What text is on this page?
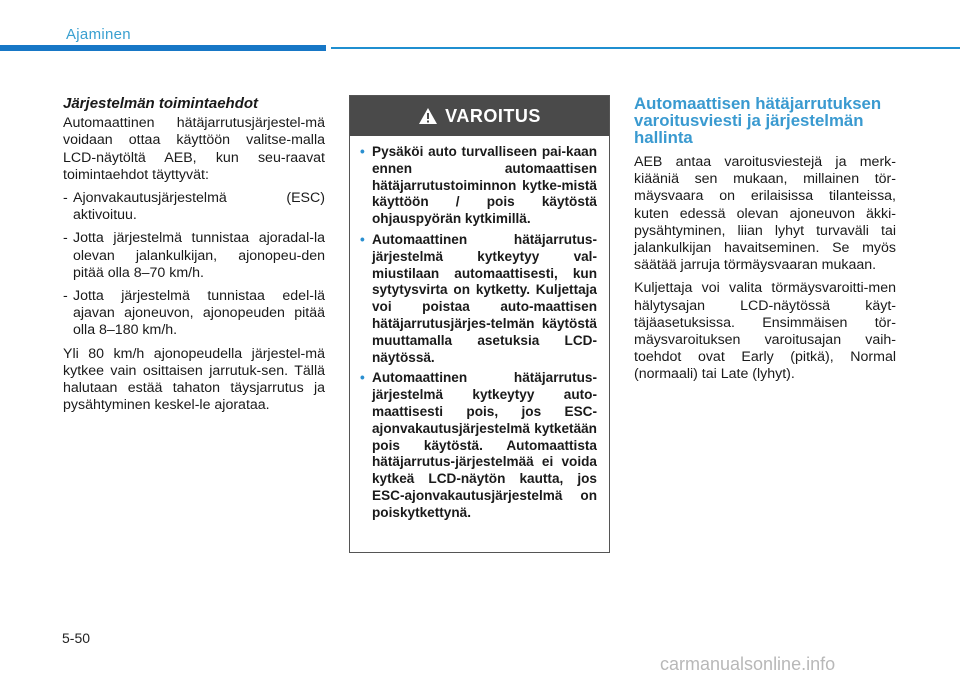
Ajaminen
Järjestelmän toimintaehdot

Automaattinen hätäjarrutusjärjestel-mä voidaan ottaa käyttöön valitse-malla LCD-näytöltä AEB, kun seu-raavat toimintaehdot täyttyvät:

- Ajonvakautusjärjestelmä (ESC) aktivoituu.
- Jotta järjestelmä tunnistaa ajoradal-la olevan jalankulkijan, ajonopeu-den pitää olla 8–70 km/h.
- Jotta järjestelmä tunnistaa edel-lä ajavan ajoneuvon, ajonopeuden pitää olla 8–180 km/h.

Yli 80 km/h ajonopeudella järjestel-mä kytkee vain osittaisen jarrutuk-sen. Tällä halutaan estää tahaton täysjarrutus ja pysähtyminen keskel-le ajorataa.

VAROITUS
• Pysäköi auto turvalliseen pai-kaan ennen automaattisen hätäjarrutustoiminnon kytke-mistä käyttöön / pois käytöstä ohjauspyörän kytkimillä.
• Automaattinen hätäjarrutus-järjestelmä kytkeytyy val-miustilaan automaattisesti, kun sytytysvirta on kytketty. Kuljettaja voi poistaa auto-maattisen hätäjarrutusjärjes-telmän käytöstä muuttamalla asetuksia LCD-näytössä.
• Automaattinen hätäjarrutus-järjestelmä kytkeytyy auto-maattisesti pois, jos ESC-ajonvakautusjärjestelmä kytketään pois käytöstä. Automaattista hätäjarrutus-järjestelmää ei voida kytkeä LCD-näytön kautta, jos ESC-ajonvakautusjärjestelmä on poiskytkettynä.
Automaattisen hätäjarrutuksen varoitusviesti ja järjestelmän hallinta

AEB antaa varoitusviestejä ja merk-kiääniä sen mukaan, millainen tör-mäysvaara on erilaisissa tilanteissa, kuten edessä olevan ajoneuvon äkki-pysähtyminen, liian lyhyt turvaväli tai jalankulkijan havaitseminen. Se myös säätää jarruja törmäysvaaran mukaan.

Kuljettaja voi valita törmäysvaroitti-men hälytysajan LCD-näytössä käyt-täjäasetuksissa. Ensimmäisen tör-mäysvaroituksen varoitusajan vaih-toehdot ovat Early (pitkä), Normal (normaali) tai Late (lyhyt).

5-50
carmanualsonline.info
